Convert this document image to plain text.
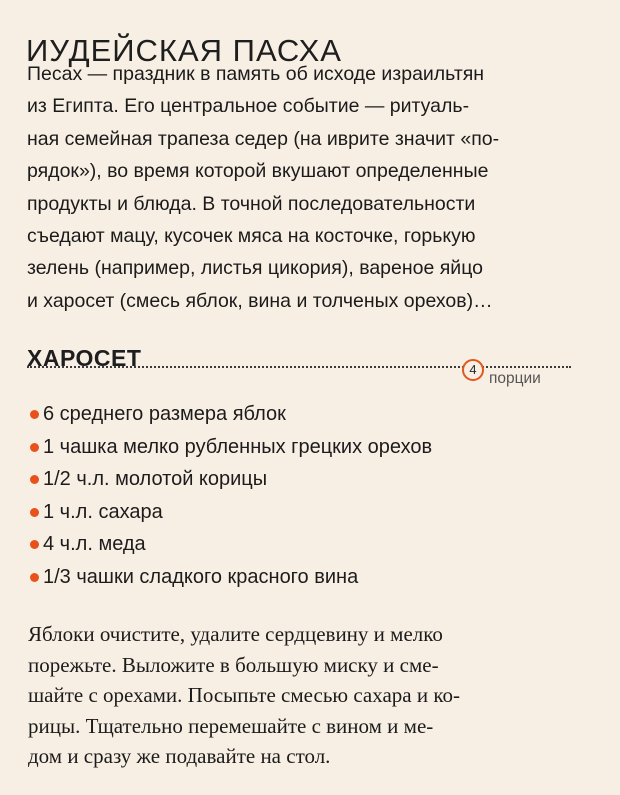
ИУДЕЙСКАЯ ПАСХА
Песах — праздник в память об исходе израильтян
из Египта. Его центральное событие — ритуаль-
ная семейная трапеза седер (на иврите значит «по-
рядок»), во время которой вкушают определенные
продукты и блюда. В точной последовательности
съедают мацу, кусочек мяса на косточке, горькую
зелень (например, листья цикория), вареное яйцо
и харосет (смесь яблок, вина и толченых орехов)…
ХАРОСЕТ	4
порции
6 среднего размера яблок
1 чашка мелко рубленных грецких орехов
1/2 ч.л. молотой корицы
1 ч.л. сахара
4 ч.л. меда
1/3 чашки сладкого красного вина
Яблоки очистите, удалите сердцевину и мелко
порежьте. Выложите в большую миску и сме-
шайте с орехами. Посыпьте смесью сахара и ко-
рицы. Тщательно перемешайте с вином и ме-
дом и сразу же подавайте на стол.
